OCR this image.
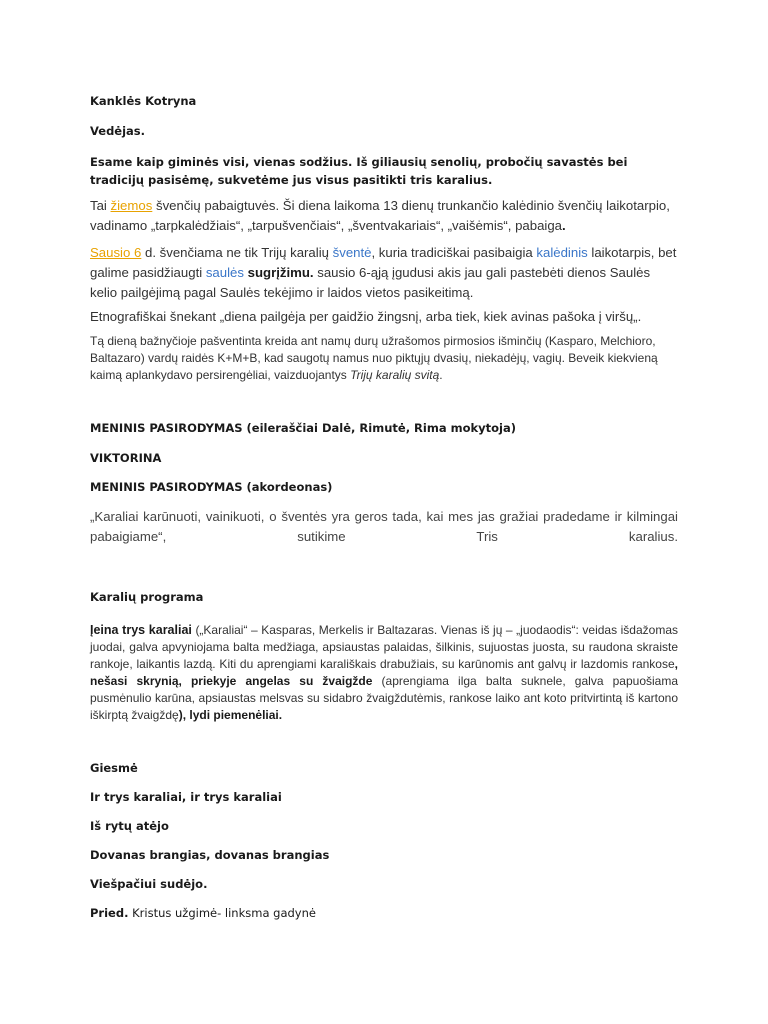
Kanklės Kotryna

Vedėjas.

Esame kaip giminės visi, vienas sodžius. Iš giliausių senolių, probočių savastės bei tradicijų pasisėmę, sukvetėme jus visus pasitikti tris karalius.

Tai žiemos švenčių pabaigtuvės. Ši diena laikoma 13 dienų trunkančio kalėdinio švenčių laikotarpio, vadinamo „tarpkalėdžiais“, „tarpušvenčiais“, „šventvakariais“, „vaišėmis“, pabaiga.

Sausio 6 d. švenčiama ne tik Trijų karalių šventė, kuria tradiciškai pasibaigia kalėdinis laikotarpis, bet galime pasidžiaugti saulės sugrįžimu. sausio 6-ąją įgudusi akis jau gali pastebėti dienos Saulės kelio pailgėjimą pagal Saulės tekėjimo ir laidos vietos pasikeitimą.

Etnografiškai šnekant „diena pailgėja per gaidžio žingsnį, arba tiek, kiek avinas pašoka į viršų„.

Tą dieną bažnyčioje pašventinta kreida ant namų durų užrašomos pirmosios išminčių (Kasparo, Melchioro, Baltazaro) vardų raidės K+M+B, kad saugotų namus nuo piktųjų dvasių, niekadėjų, vagių. Beveik kiekvieną kaimą aplankydavo persirengėliai, vaizduojantys Trijų karalių svitą.

MENINIS PASIRODYMAS (eileraščiai Dalė, Rimutė, Rima mokytoja)

VIKTORINA

MENINIS PASIRODYMAS (akordeonas)

„Karaliai karūnuoti, vainikuoti, o šventės yra geros tada, kai mes jas gražiai pradedame ir kilmingai
pabaigiame“, sutikime Tris karalius.

Karalių programa

Įeina trys karaliai („Karaliai“ – Kasparas, Merkelis ir Baltazaras. Vienas iš jų – „juodaodis“: veidas išdažomas juodai, galva apvyniojama balta medžiaga, apsiaustas palaidas, šilkinis, sujuostas juosta, su raudona skraiste rankoje, laikantis lazdą. Kiti du aprengiami karališkais drabužiais, su karūnomis ant galvų ir lazdomis rankose, nešasi skrynią, priekyje angelas su žvaigžde (aprengiama ilga balta suknele, galva papuošiama pusmėnulio karūna, apsiaustas melsvas su sidabro žvaigždutėmis, rankose laiko ant koto pritvirtintą iš kartono iškirptą žvaigždę), lydi piemenėliai.

Giesmė

Ir trys karaliai, ir trys karaliai

Iš rytų atėjo

Dovanas brangias, dovanas brangias

Viešpačiui sudėjo.

Pried. Kristus užgimė- linksma gadynė
